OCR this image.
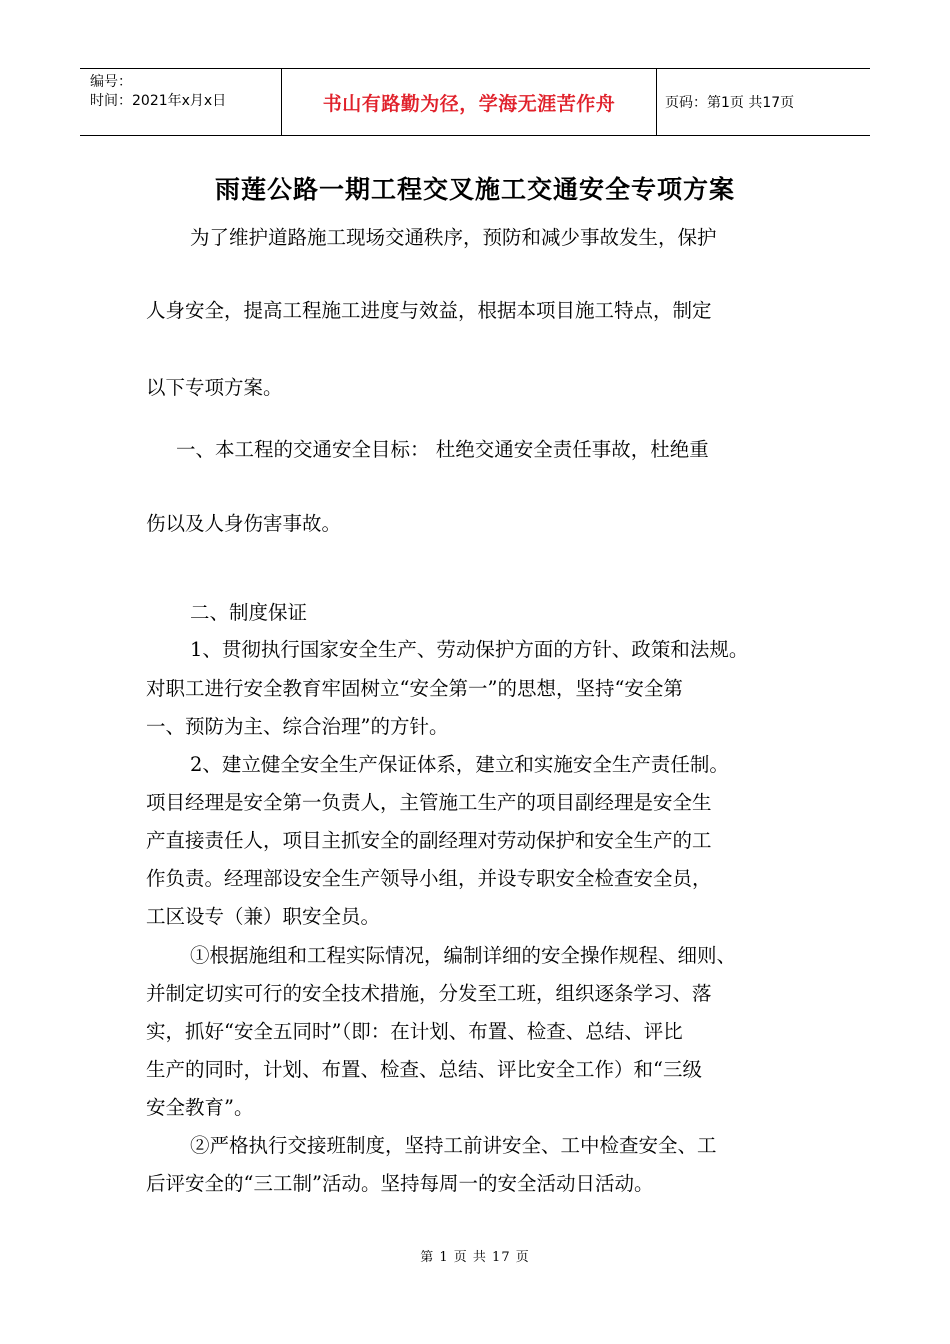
编号：
时间：2021年x月x日	书山有路勤为径，学海无涯苦作舟	页码：第1页 共17页
雨莲公路一期工程交叉施工交通安全专项方案
为了维护道路施工现场交通秩序，预防和减少事故发生，保护
人身安全，提高工程施工进度与效益，根据本项目施工特点，制定
以下专项方案。
一、本工程的交通安全目标： 杜绝交通安全责任事故，杜绝重
伤以及人身伤害事故。
二、制度保证
1、贯彻执行国家安全生产、劳动保护方面的方针、政策和法规。
对职工进行安全教育牢固树立“安全第一”的思想，坚持“安全第
一、预防为主、综合治理”的方针。
2、建立健全安全生产保证体系，建立和实施安全生产责任制。
项目经理是安全第一负责人，主管施工生产的项目副经理是安全生
产直接责任人，项目主抓安全的副经理对劳动保护和安全生产的工
作负责。经理部设安全生产领导小组，并设专职安全检查安全员，
工区设专（兼）职安全员。
①根据施组和工程实际情况，编制详细的安全操作规程、细则、
并制定切实可行的安全技术措施，分发至工班，组织逐条学习、落
实，抓好“安全五同时”（即：在计划、布置、检查、总结、评比
生产的同时，计划、布置、检查、总结、评比安全工作）和“三级
安全教育”。
②严格执行交接班制度，坚持工前讲安全、工中检查安全、工
后评安全的“三工制”活动。坚持每周一的安全活动日活动。
第 1 页 共 17 页
